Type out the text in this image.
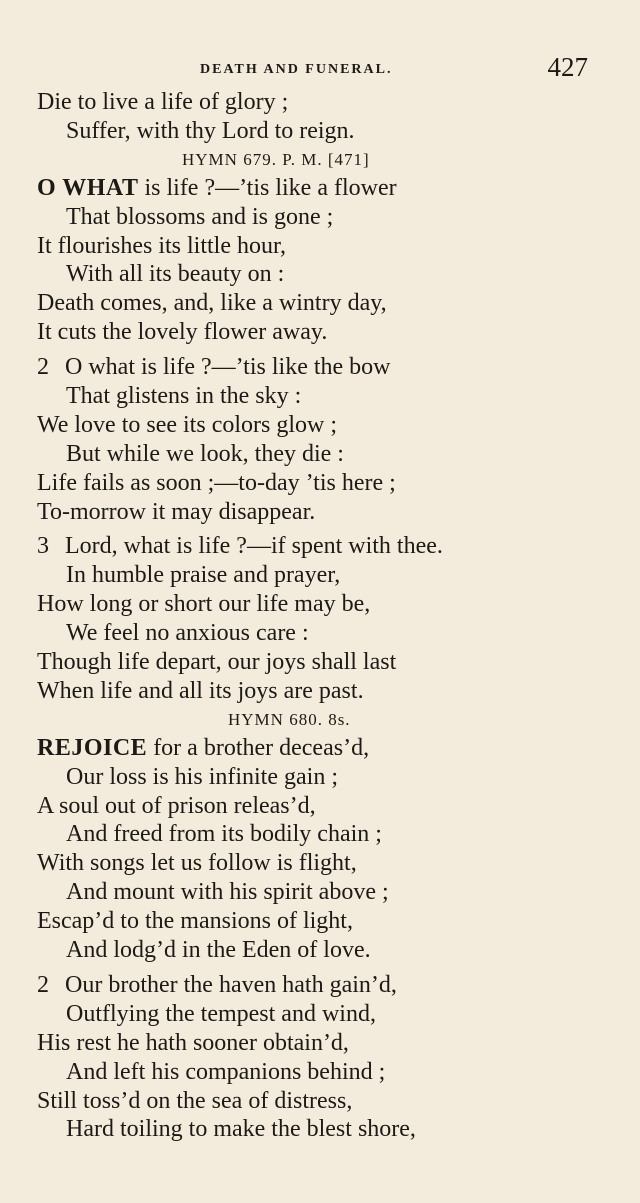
DEATH AND FUNERAL.	427
Die to live a life of glory ;
Suffer, with thy Lord to reign.
HYMN 679. P. M. [471]
O WHAT is life ?—’tis like a flower
That blossoms and is gone ;
It flourishes its little hour,
With all its beauty on :
Death comes, and, like a wintry day,
It cuts the lovely flower away.
2 O what is life ?—’tis like the bow
That glistens in the sky :
We love to see its colors glow ;
But while we look, they die :
Life fails as soon ;—to-day ’tis here ;
To-morrow it may disappear.
3 Lord, what is life ?—if spent with thee.
In humble praise and prayer,
How long or short our life may be,
We feel no anxious care :
Though life depart, our joys shall last
When life and all its joys are past.
HYMN 680. 8s.
REJOICE for a brother deceas’d,
Our loss is his infinite gain ;
A soul out of prison releas’d,
And freed from its bodily chain ;
With songs let us follow is flight,
And mount with his spirit above ;
Escap’d to the mansions of light,
And lodg’d in the Eden of love.
2 Our brother the haven hath gain’d,
Outflying the tempest and wind,
His rest he hath sooner obtain’d,
And left his companions behind ;
Still toss’d on the sea of distress,
Hard toiling to make the blest shore,
